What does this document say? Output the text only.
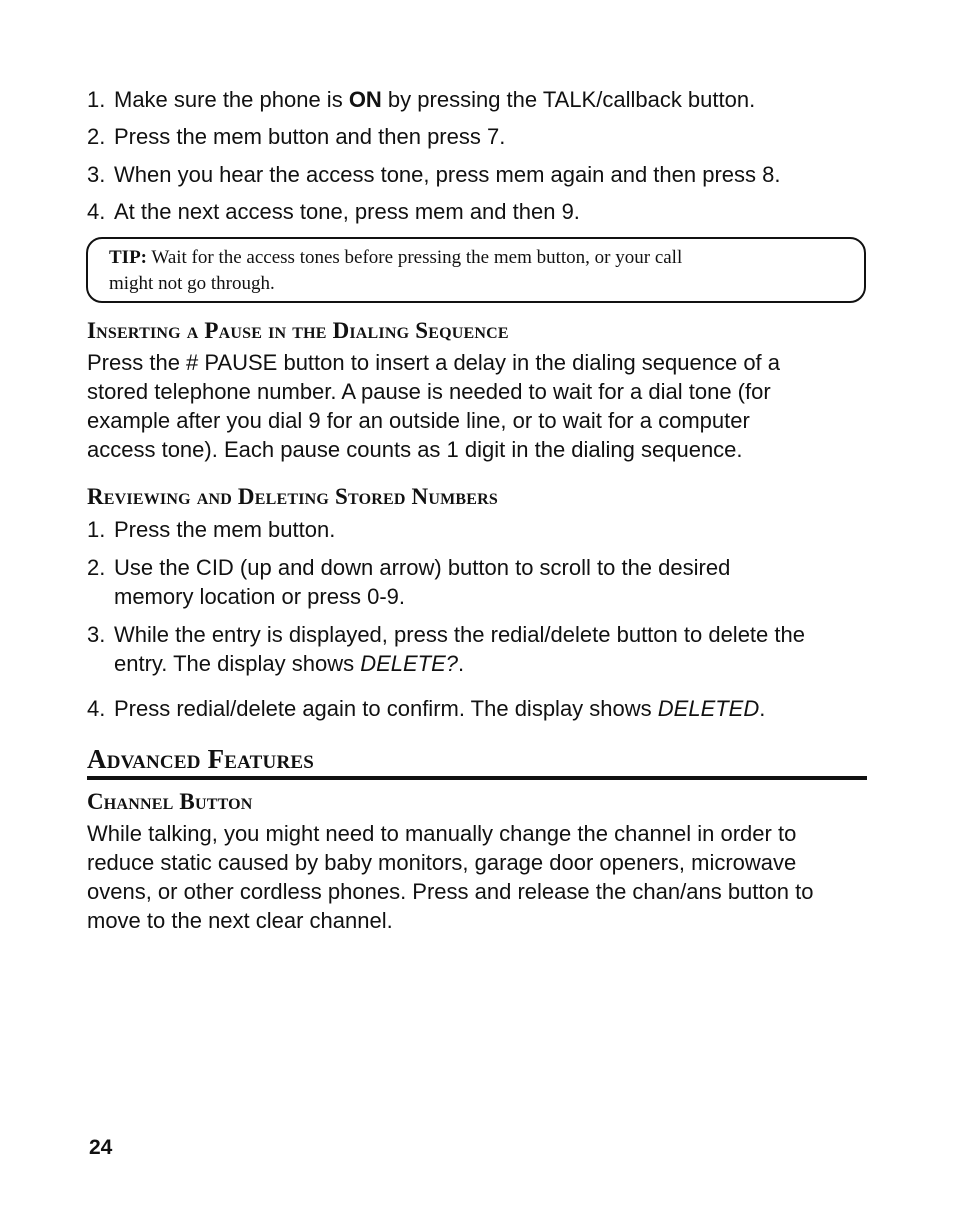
1. Make sure the phone is ON by pressing the TALK/callback button.
2. Press the mem button and then press 7.
3. When you hear the access tone, press mem again and then press 8.
4. At the next access tone, press mem and then 9.
TIP: Wait for the access tones before pressing the mem button, or your call
might not go through.
Inserting a Pause in the Dialing Sequence
Press the # PAUSE button to insert a delay in the dialing sequence of a
stored telephone number. A pause is needed to wait for a dial tone (for
example after you dial 9 for an outside line, or to wait for a computer
access tone). Each pause counts as 1 digit in the dialing sequence.
Reviewing and Deleting Stored Numbers
1. Press the mem button.
2. Use the CID (up and down arrow) button to scroll to the desired
memory location or press 0-9.
3. While the entry is displayed, press the redial/delete button to delete the
entry. The display shows DELETE?.
4. Press redial/delete again to confirm. The display shows DELETED.
Advanced Features
Channel Button
While talking, you might need to manually change the channel in order to
reduce static caused by baby monitors, garage door openers, microwave
ovens, or other cordless phones. Press and release the chan/ans button to
move to the next clear channel.
24
